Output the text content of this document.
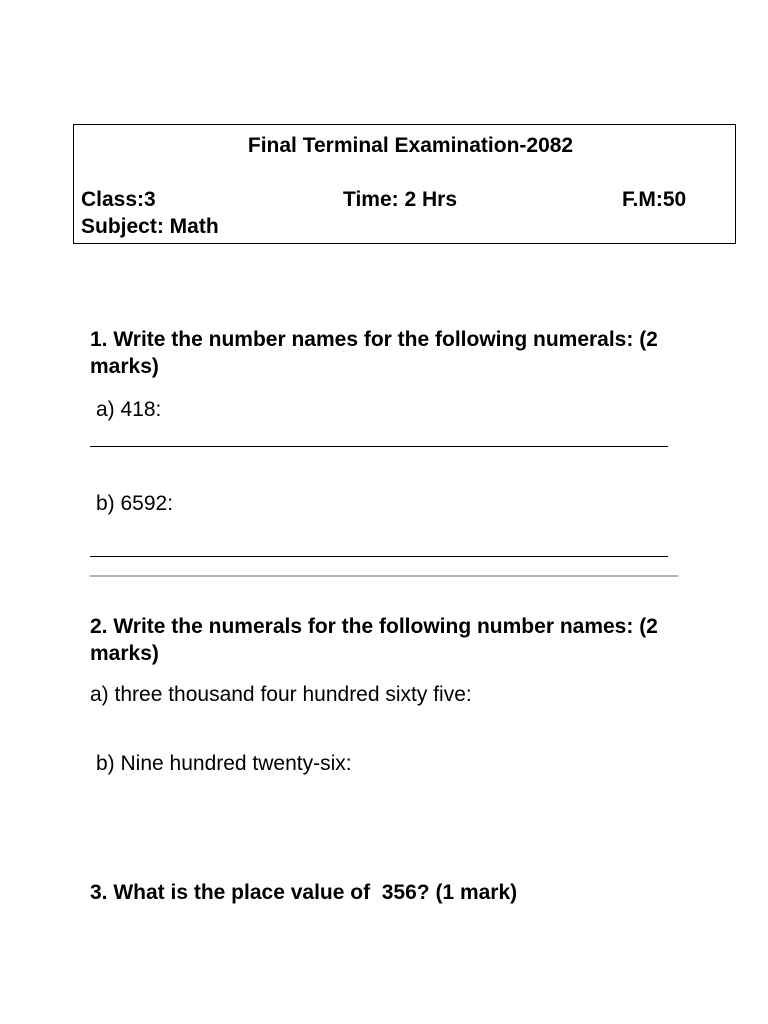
Final Terminal Examination-2082
Class:3	Time: 2 Hrs	F.M:50
Subject: Math
1. Write the number names for the following numerals: (2 marks)
a) 418:
b) 6592:
2. Write the numerals for the following number names: (2 marks)
a) three thousand four hundred sixty five:
b) Nine hundred twenty-six:
3. What is the place value of  356? (1 mark)
